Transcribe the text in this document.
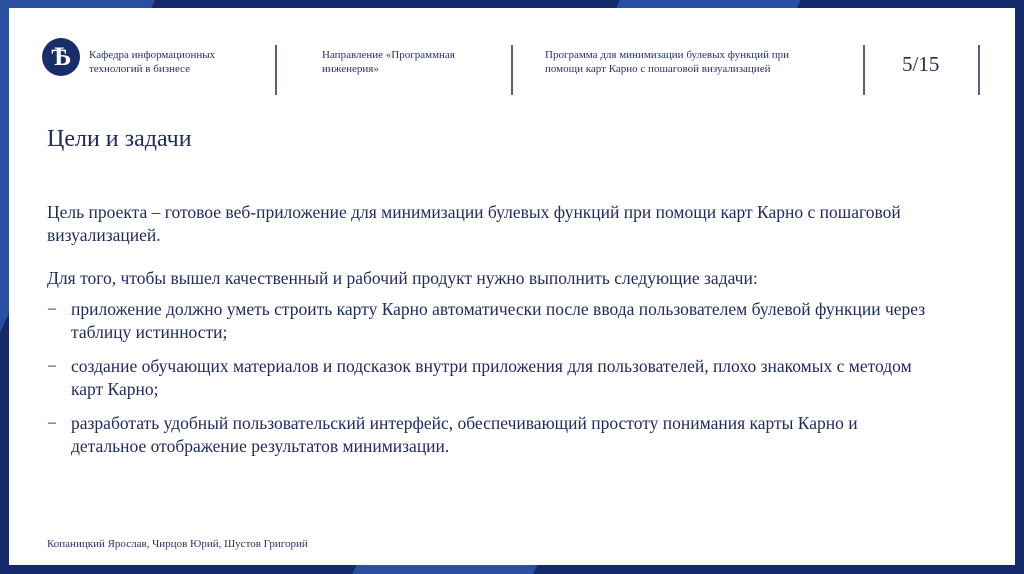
Ѣ	Кафедра информационных технологий в бизнесе
Направление «Программная инженерия»
Программа для минимизации булевых функций при помощи карт Карно с пошаговой визуализацией	5/15
Цели и задачи

Цель проекта – готовое веб-приложение для минимизации булевых функций при помощи карт Карно с пошаговой визуализацией.

Для того, чтобы вышел качественный и рабочий продукт нужно выполнить следующие задачи:

− приложение должно уметь строить карту Карно автоматически после ввода пользователем булевой функции через таблицу истинности;
− создание обучающих материалов и подсказок внутри приложения для пользователей, плохо знакомых с методом карт Карно;
− разработать удобный пользовательский интерфейс, обеспечивающий простоту понимания карты Карно и детальное отображение результатов минимизации.
Копаницкий Ярослав, Чирцов Юрий, Шустов Григорий
